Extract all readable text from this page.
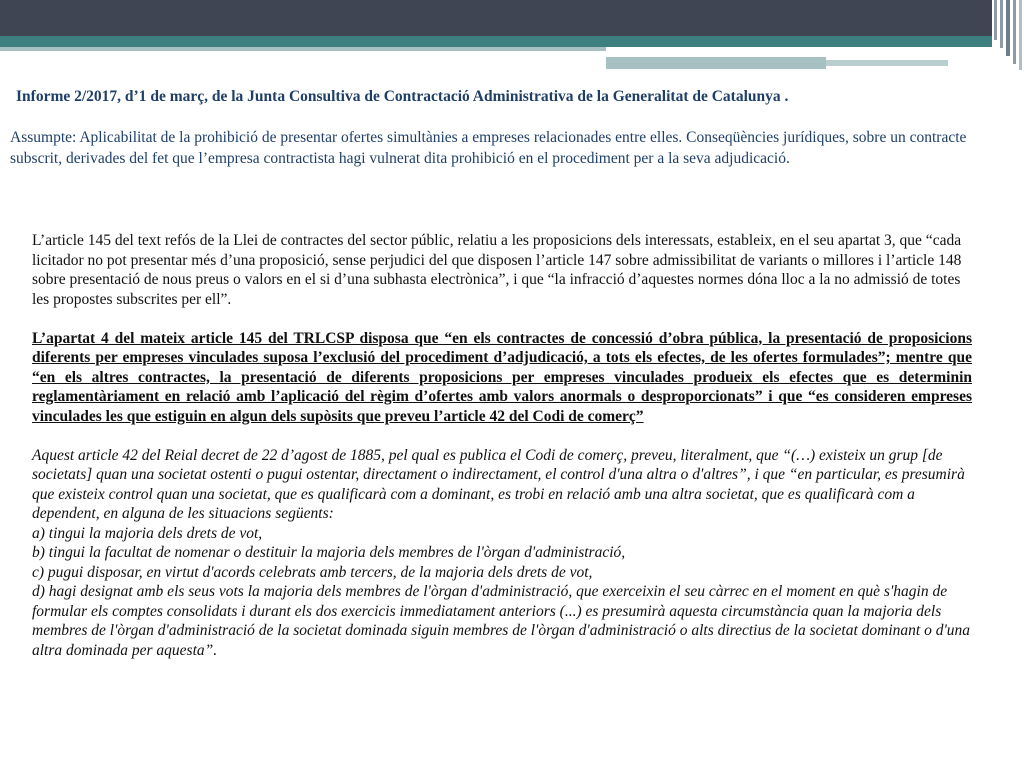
Informe 2/2017, d’1 de març, de la Junta Consultiva de Contractació Administrativa de la Generalitat de Catalunya .
Assumpte: Aplicabilitat de la prohibició de presentar ofertes simultànies a empreses relacionades entre elles. Conseqüències jurídiques, sobre un contracte subscrit, derivades del fet que l’empresa contractista hagi vulnerat dita prohibició en el procediment per a la seva adjudicació.

L’article 145 del text refós de la Llei de contractes del sector públic, relatiu a les proposicions dels interessats, estableix, en el seu apartat 3, que “cada licitador no pot presentar més d’una proposició, sense perjudici del que disposen l’article 147 sobre admissibilitat de variants o millores i l’article 148 sobre presentació de nous preus o valors en el si d’una subhasta electrònica”, i que “la infracció d’aquestes normes dóna lloc a la no admissió de totes les propostes subscrites per ell”.

L’apartat 4 del mateix article 145 del TRLCSP disposa que “en els contractes de concessió d’obra pública, la presentació de proposicions diferents per empreses vinculades suposa l’exclusió del procediment d’adjudicació, a tots els efectes, de les ofertes formulades”; mentre que “en els altres contractes, la presentació de diferents proposicions per empreses vinculades produeix els efectes que es determinin reglamentàriament en relació amb l’aplicació del règim d’ofertes amb valors anormals o desproporcionats” i que “es consideren empreses vinculades les que estiguin en algun dels supòsits que preveu l’article 42 del Codi de comerç”

Aquest article 42 del Reial decret de 22 d’agost de 1885, pel qual es publica el Codi de comerç, preveu, literalment, que “(…) existeix un grup [de societats] quan una societat ostenti o pugui ostentar, directament o indirectament, el control d'una altra o d'altres”, i que “en particular, es presumirà que existeix control quan una societat, que es qualificarà com a dominant, es trobi en relació amb una altra societat, que es qualificarà com a dependent, en alguna de les situacions següents:
a) tingui la majoria dels drets de vot,
b) tingui la facultat de nomenar o destituir la majoria dels membres de l'òrgan d'administració,
c) pugui disposar, en virtut d'acords celebrats amb tercers, de la majoria dels drets de vot,
d) hagi designat amb els seus vots la majoria dels membres de l'òrgan d'administració, que exerceixin el seu càrrec en el moment en què s'hagin de formular els comptes consolidats i durant els dos exercicis immediatament anteriors (...) es presumirà aquesta circumstància quan la majoria dels membres de l'òrgan d'administració de la societat dominada siguin membres de l'òrgan d'administració o alts directius de la societat dominant o d'una altra dominada per aquesta”.
